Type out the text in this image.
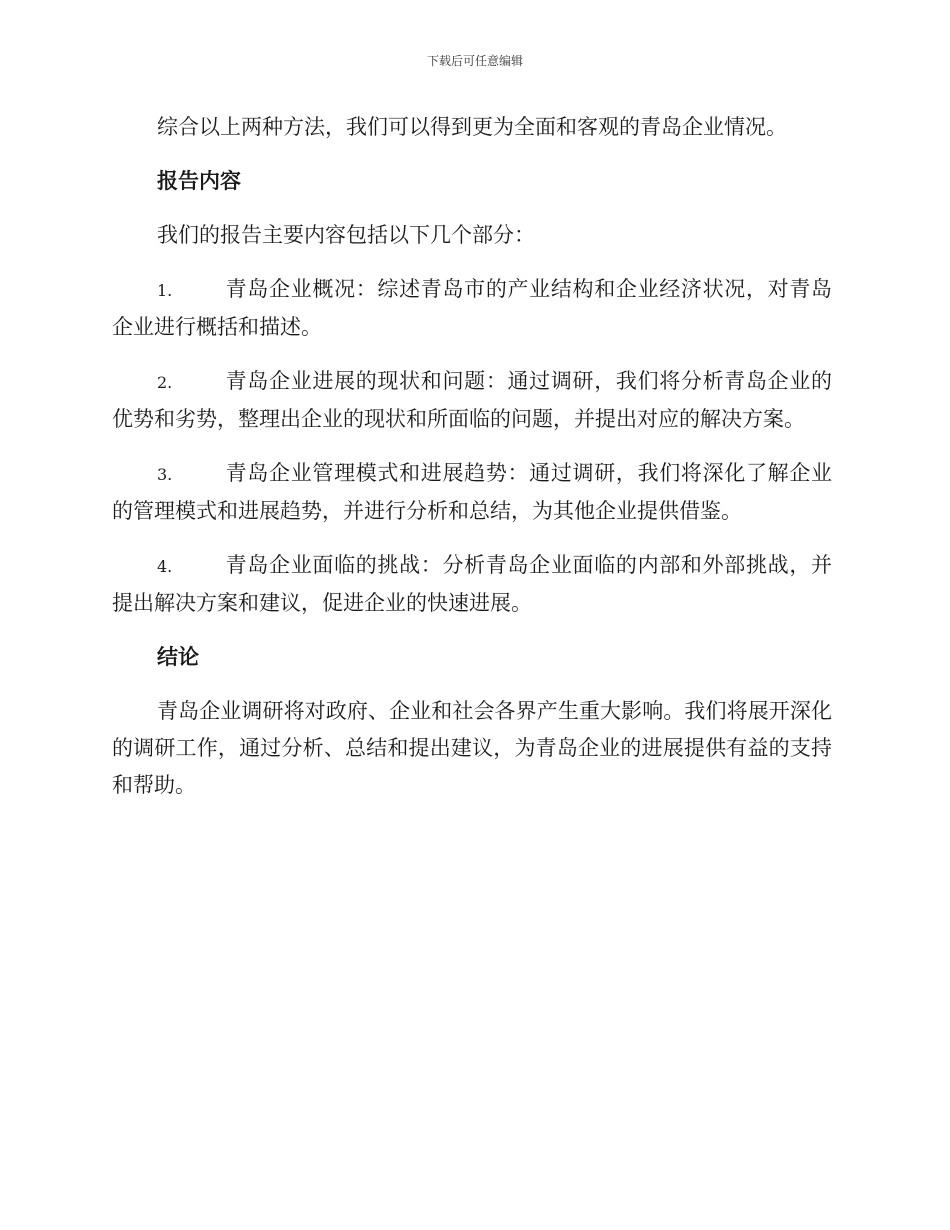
下载后可任意编辑

综合以上两种方法，我们可以得到更为全面和客观的青岛企业情况。

报告内容

我们的报告主要内容包括以下几个部分：

1.	青岛企业概况：综述青岛市的产业结构和企业经济状况，对青岛企业进行概括和描述。
2.	青岛企业进展的现状和问题：通过调研，我们将分析青岛企业的优势和劣势，整理出企业的现状和所面临的问题，并提出对应的解决方案。
3.	青岛企业管理模式和进展趋势：通过调研，我们将深化了解企业的管理模式和进展趋势，并进行分析和总结，为其他企业提供借鉴。
4.	青岛企业面临的挑战：分析青岛企业面临的内部和外部挑战，并提出解决方案和建议，促进企业的快速进展。
结论

青岛企业调研将对政府、企业和社会各界产生重大影响。我们将展开深化的调研工作，通过分析、总结和提出建议，为青岛企业的进展提供有益的支持和帮助。
